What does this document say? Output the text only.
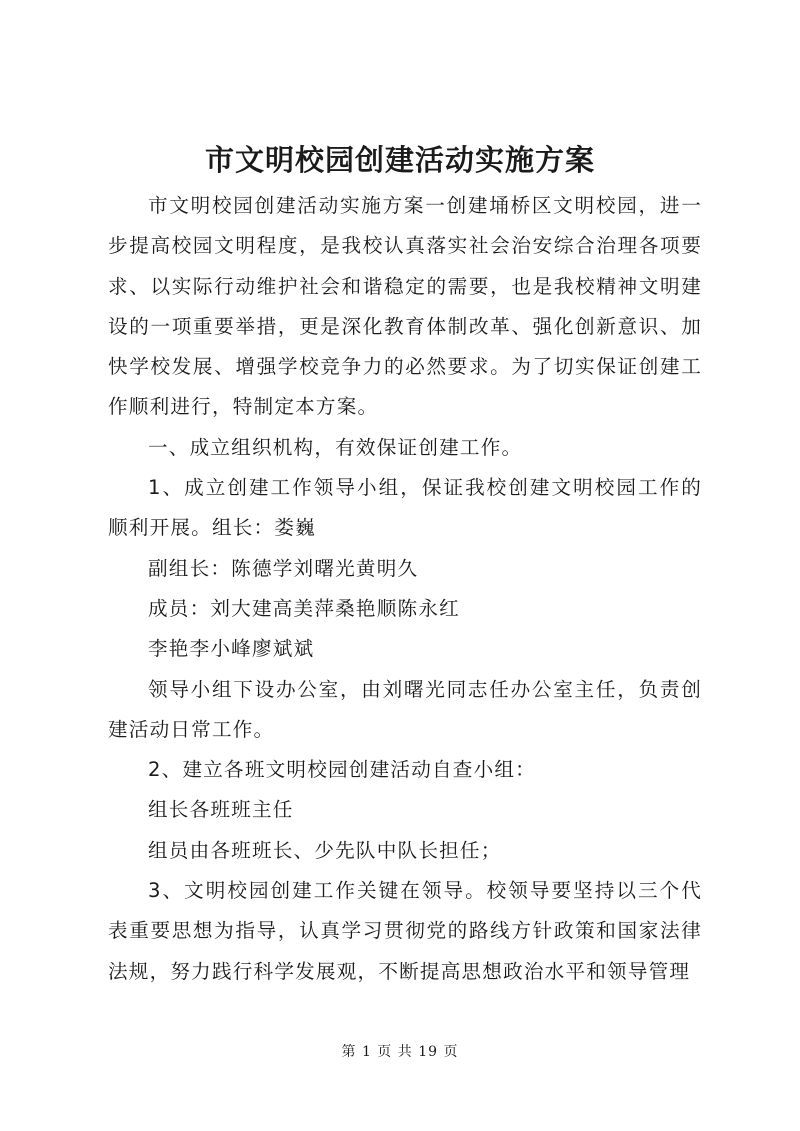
市文明校园创建活动实施方案

市文明校园创建活动实施方案一创建埇桥区文明校园，进一步提高校园文明程度，是我校认真落实社会治安综合治理各项要求、以实际行动维护社会和谐稳定的需要，也是我校精神文明建设的一项重要举措，更是深化教育体制改革、强化创新意识、加快学校发展、增强学校竞争力的必然要求。为了切实保证创建工作顺利进行，特制定本方案。

一、成立组织机构，有效保证创建工作。

1、成立创建工作领导小组，保证我校创建文明校园工作的顺利开展。组长：娄巍

副组长：陈德学刘曙光黄明久

成员：刘大建高美萍桑艳顺陈永红

李艳李小峰廖斌斌

领导小组下设办公室，由刘曙光同志任办公室主任，负责创建活动日常工作。

2、建立各班文明校园创建活动自查小组：

组长各班班主任

组员由各班班长、少先队中队长担任；

3、文明校园创建工作关键在领导。校领导要坚持以三个代表重要思想为指导，认真学习贯彻党的路线方针政策和国家法律法规，努力践行科学发展观，不断提高思想政治水平和领导管理

第 1 页 共 19 页
